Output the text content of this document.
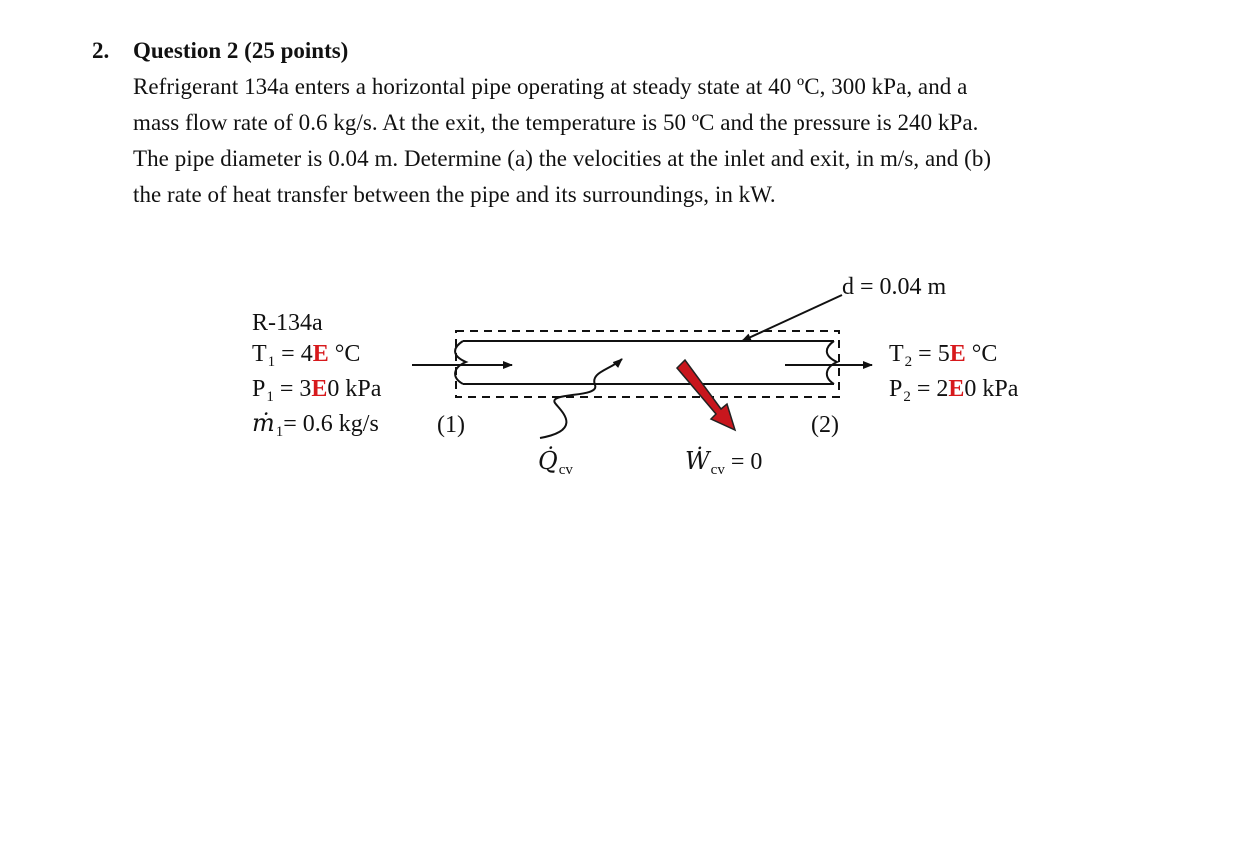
2. Question 2 (25 points)
Refrigerant 134a enters a horizontal pipe operating at steady state at 40 ºC, 300 kPa, and a
mass flow rate of 0.6 kg/s. At the exit, the temperature is 50 ºC and the pressure is 240 kPa.
The pipe diameter is 0.04 m. Determine (a) the velocities at the inlet and exit, in m/s, and (b)
the rate of heat transfer between the pipe and its surroundings, in kW.
R-134a
$T_1 = 4E$ °C
$P_1 = 3E0$ kPa
ṁ$_1$= 0.6 kg/s (1)
$T_2 = 5E$ °C
$P_2 = 2E0$ kPa
(2)
d = 0.04 m
$Q̇_{cv}$	Ẇ$_{cv}$ = 0
